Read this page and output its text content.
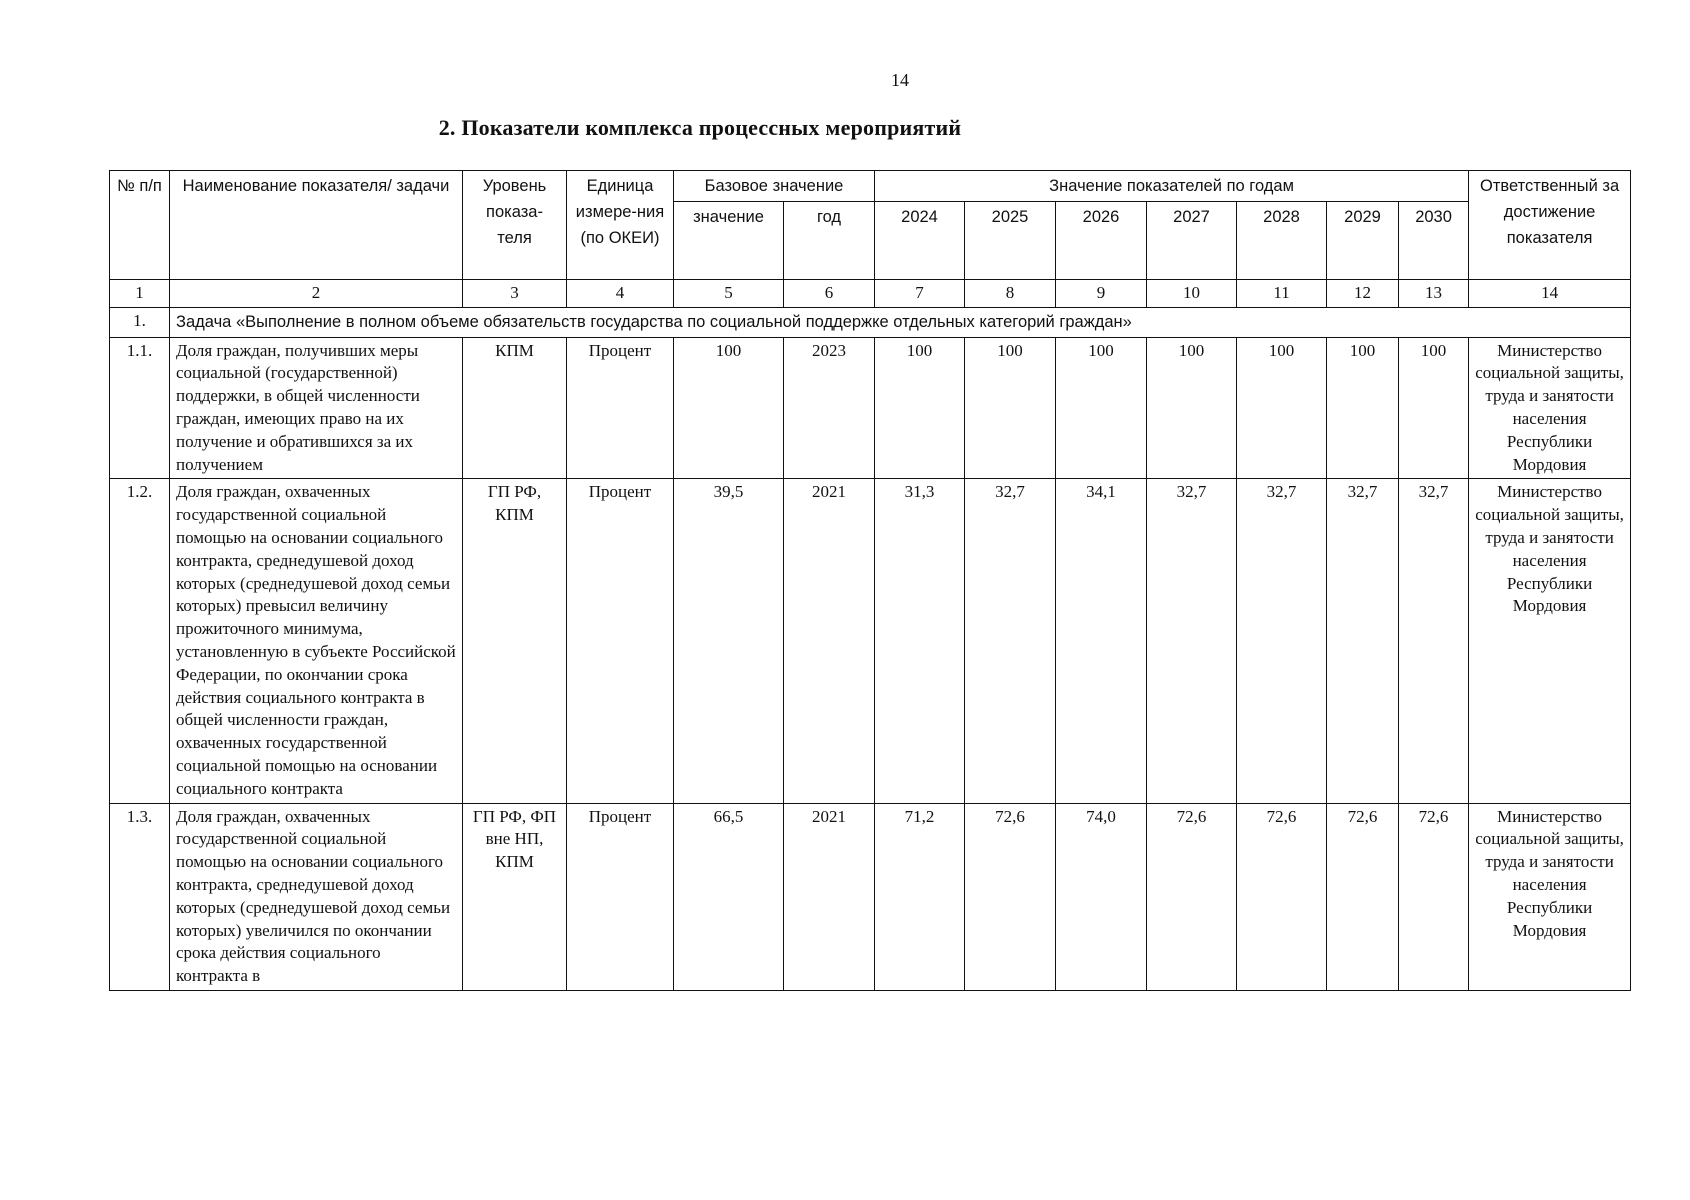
14
2. Показатели комплекса процессных мероприятий
№ п/п	Наименование показателя/ задачи	Уровень показа-теля	Единица измере-ния (по ОКЕИ)	Базовое значение		Значение показателей по годам							Ответственный за достижение показателя
				значение	год	2024	2025	2026	2027	2028	2029	2030	
1	2	3	4	5	6	7	8	9	10	11	12	13	14
1.	Задача «Выполнение в полном объеме обязательств государства по социальной поддержке отдельных категорий граждан»												
1.1.	Доля граждан, получивших меры социальной (государственной) поддержки, в общей численности граждан, имеющих право на их получение и обратившихся за их получением	КПМ	Процент	100	2023	100	100	100	100	100	100	100	Министерство социальной защиты, труда и занятости населения Республики Мордовия
1.2.	Доля граждан, охваченных государственной социальной помощью на основании социального контракта, среднедушевой доход которых (среднедушевой доход семьи которых) превысил величину прожиточного минимума, установленную в субъекте Российской Федерации, по окончании срока действия социального контракта в общей численности граждан, охваченных государственной социальной помощью на основании социального контракта	ГП РФ, КПМ	Процент	39,5	2021	31,3	32,7	34,1	32,7	32,7	32,7	32,7	Министерство социальной защиты, труда и занятости населения Республики Мордовия
1.3.	Доля граждан, охваченных государственной социальной помощью на основании социального контракта, среднедушевой доход которых (среднедушевой доход семьи которых) увеличился по окончании срока действия социального контракта в	ГП РФ, ФП вне НП, КПМ	Процент	66,5	2021	71,2	72,6	74,0	72,6	72,6	72,6	72,6	Министерство социальной защиты, труда и занятости населения Республики Мордовия
